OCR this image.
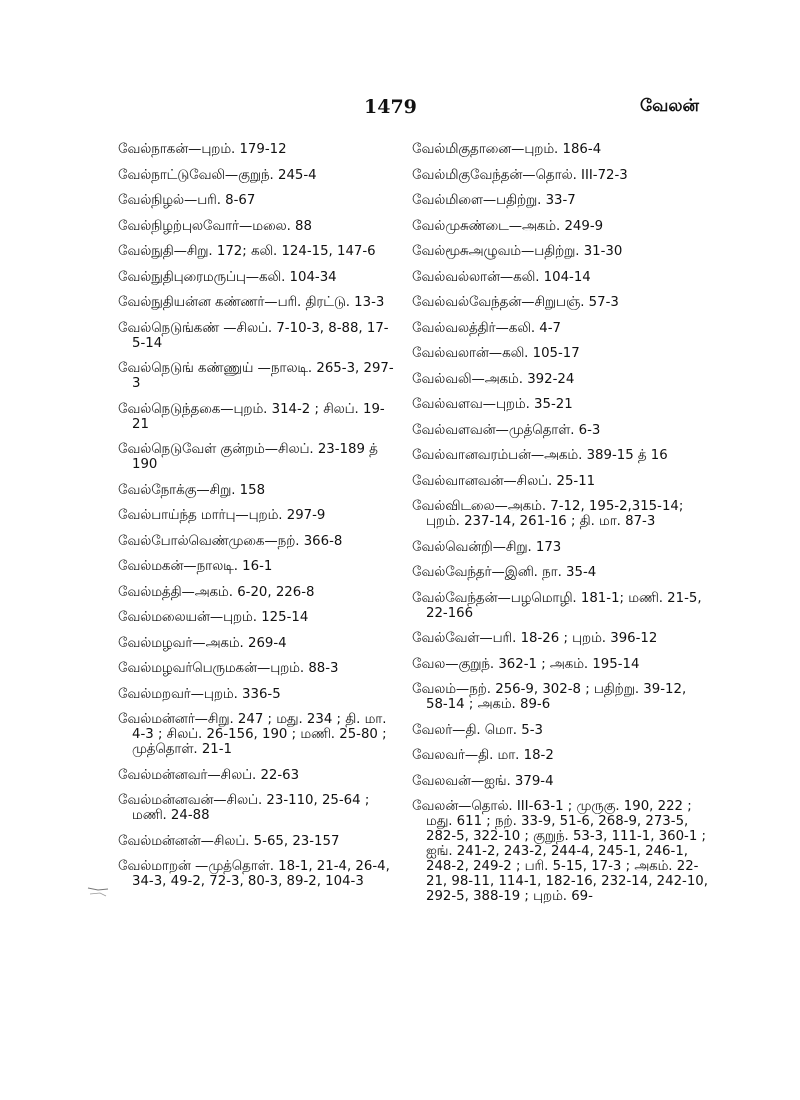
1479	வேலன்
வேல்நாகன்—புறம். 179-12
வேல்நாட்டுவேலி—குறுந். 245-4
வேல்நிழல்—பரி. 8-67
வேல்நிழற்புலவோர்—மலை. 88
வேல்நுதி—சிறு. 172; கலி. 124-15, 147-6
வேல்நுதிபுரைமருப்பு—கலி. 104-34
வேல்நுதியன்ன கண்ணர்—பரி. திரட்டு. 13-3
வேல்நெடுங்கண் —சிலப். 7-10-3, 8-88, 17-5-14
வேல்நெடுங் கண்ணுய் —நாலடி. 265-3, 297-3
வேல்நெடுந்தகை—புறம். 314-2 ; சிலப். 19-21
வேல்நெடுவேள் குன்றம்—சிலப். 23-189 த் 190
வேல்நோக்கு—சிறு. 158
வேல்பாய்ந்த மார்பு—புறம். 297-9
வேல்போல்வெண்முகை—நற். 366-8
வேல்மகன்—நாலடி. 16-1
வேல்மத்தி—அகம். 6-20, 226-8
வேல்மலையன்—புறம். 125-14
வேல்மழவர்—அகம். 269-4
வேல்மழவர்பெருமகன்—புறம். 88-3
வேல்மறவர்—புறம். 336-5
வேல்மன்னர்—சிறு. 247 ; மது. 234 ; தி. மா. 4-3 ; சிலப். 26-156, 190 ; மணி. 25-80 ; முத்தொள். 21-1
வேல்மன்னவர்—சிலப். 22-63
வேல்மன்னவன்—சிலப். 23-110, 25-64 ; மணி. 24-88
வேல்மன்னன்—சிலப். 5-65, 23-157
வேல்மாறன் —முத்தொள். 18-1, 21-4, 26-4, 34-3, 49-2, 72-3, 80-3, 89-2, 104-3
வேல்மிகுதானை—புறம். 186-4
வேல்மிகுவேந்தன்—தொல். III-72-3
வேல்மிளை—பதிற்று. 33-7
வேல்முசுண்டை—அகம். 249-9
வேல்மூசுஅழுவம்—பதிற்று. 31-30
வேல்வல்லான்—கலி. 104-14
வேல்வல்வேந்தன்—சிறுபஞ். 57-3
வேல்வலத்திர்—கலி. 4-7
வேல்வலான்—கலி. 105-17
வேல்வலி—அகம். 392-24
வேல்வளவ—புறம். 35-21
வேல்வளவன்—முத்தொள். 6-3
வேல்வானவரம்பன்—அகம். 389-15 த் 16
வேல்வானவன்—சிலப். 25-11
வேல்விடலை—அகம். 7-12, 195-2,315-14; புறம். 237-14, 261-16 ; தி. மா. 87-3
வேல்வென்றி—சிறு. 173
வேல்வேந்தர்—இனி. நா. 35-4
வேல்வேந்தன்—பழமொழி. 181-1; மணி. 21-5, 22-166
வேல்வேள்—பரி. 18-26 ; புறம். 396-12
வேல—குறுந். 362-1 ; அகம். 195-14
வேலம்—நற். 256-9, 302-8 ; பதிற்று. 39-12, 58-14 ; அகம். 89-6
வேலர்—தி. மொ. 5-3
வேலவர்—தி. மா. 18-2
வேலவன்—ஐங். 379-4
வேலன்—தொல். III-63-1 ; முருகு. 190, 222 ; மது. 611 ; நற். 33-9, 51-6, 268-9, 273-5, 282-5, 322-10 ; குறுந். 53-3, 111-1, 360-1 ; ஐங். 241-2, 243-2, 244-4, 245-1, 246-1, 248-2, 249-2 ; பரி. 5-15, 17-3 ; அகம். 22-21, 98-11, 114-1, 182-16, 232-14, 242-10, 292-5, 388-19 ; புறம். 69-
